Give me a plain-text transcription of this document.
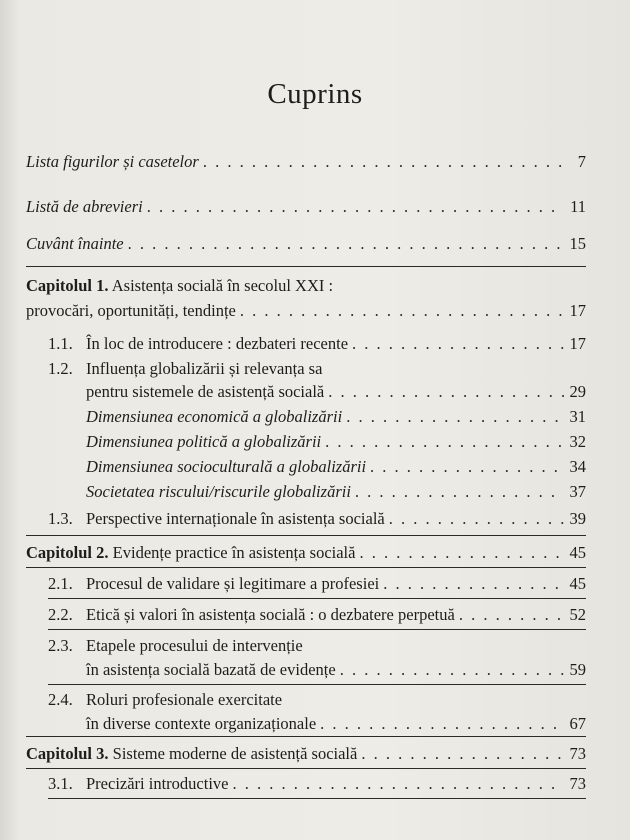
Cuprins
Lista figurilor și casetelor . . .	7
Listă de abrevieri . . .	11
Cuvânt înainte . . .	15
Capitolul 1. Asistența socială în secolul XXI :
provocări, oportunități, tendințe . . .	17
1.1. În loc de introducere : dezbateri recente . . .	17
1.2. Influența globalizării și relevanța sa
pentru sistemele de asistență socială . . .	29
Dimensiunea economică a globalizării . . .	31
Dimensiunea politică a globalizării . . .	32
Dimensiunea socioculturală a globalizării . . .	34
Societatea riscului/riscurile globalizării . . .	37
1.3. Perspective internaționale în asistența socială . . .	39
Capitolul 2. Evidențe practice în asistența socială . . .	45
2.1. Procesul de validare și legitimare a profesiei . . .	45
2.2. Etică și valori în asistența socială : o dezbatere perpetuă . . .	52
2.3. Etapele procesului de intervenție
în asistența socială bazată de evidențe . . .	59
2.4. Roluri profesionale exercitate
în diverse contexte organizaționale . . .	67
Capitolul 3. Sisteme moderne de asistență socială . . .	73
3.1. Precizări introductive . . .	73
